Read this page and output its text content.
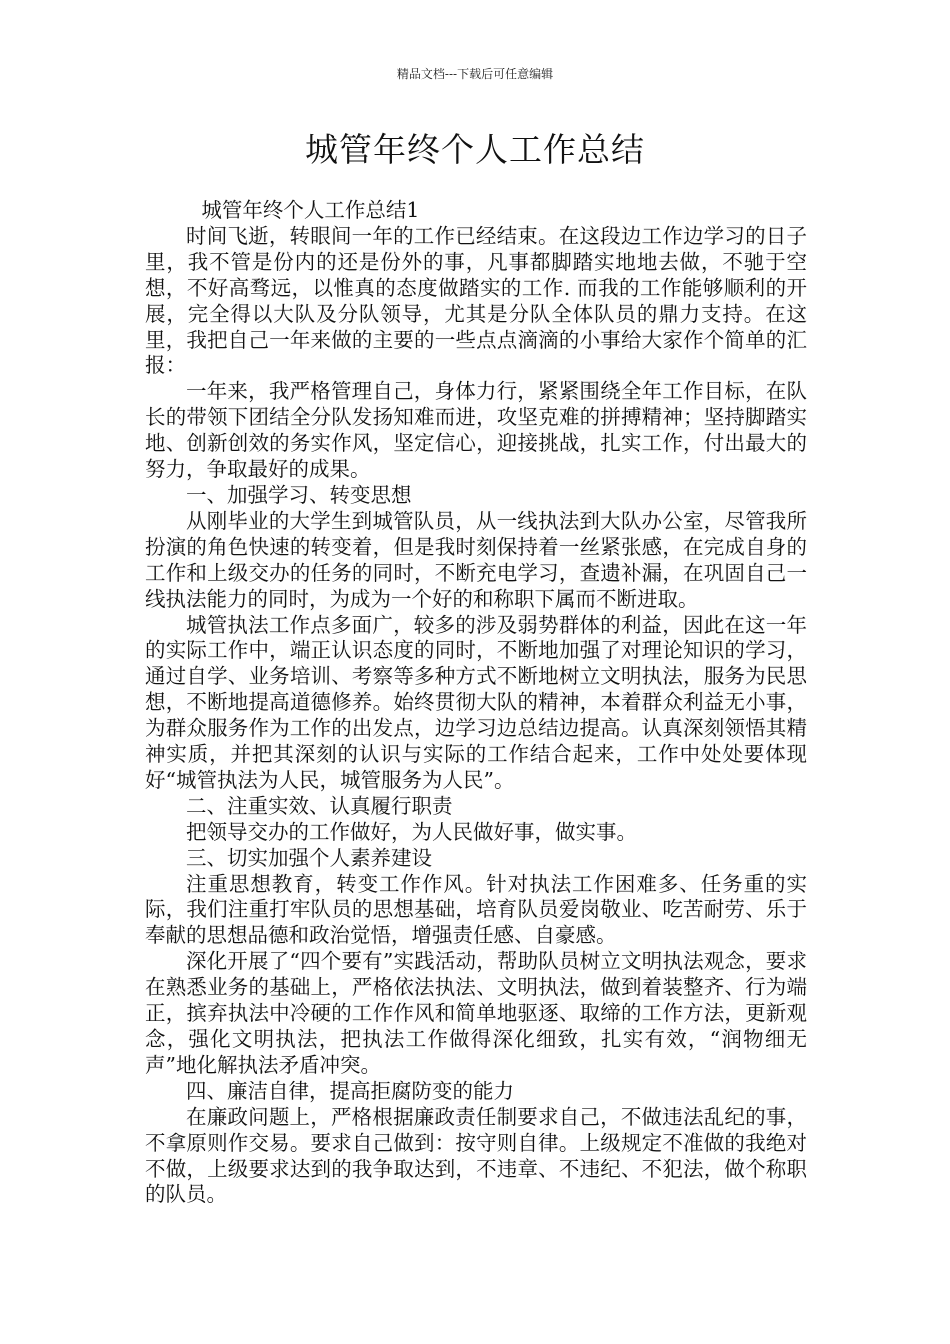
精品文档---下载后可任意编辑
城管年终个人工作总结

城管年终个人工作总结1

时间飞逝，转眼间一年的工作已经结束。在这段边工作边学习的日子里，我不管是份内的还是份外的事，凡事都脚踏实地地去做，不驰于空想，不好高骛远，以惟真的态度做踏实的工作. 而我的工作能够顺利的开展，完全得以大队及分队领导，尤其是分队全体队员的鼎力支持。在这里，我把自己一年来做的主要的一些点点滴滴的小事给大家作个简单的汇报：

一年来，我严格管理自己，身体力行，紧紧围绕全年工作目标，在队长的带领下团结全分队发扬知难而进，攻坚克难的拼搏精神；坚持脚踏实地、创新创效的务实作风，坚定信心，迎接挑战，扎实工作，付出最大的努力，争取最好的成果。

一、加强学习、转变思想

从刚毕业的大学生到城管队员，从一线执法到大队办公室，尽管我所扮演的角色快速的转变着，但是我时刻保持着一丝紧张感，在完成自身的工作和上级交办的任务的同时，不断充电学习，查遗补漏，在巩固自己一线执法能力的同时，为成为一个好的和称职下属而不断进取。

城管执法工作点多面广，较多的涉及弱势群体的利益，因此在这一年的实际工作中，端正认识态度的同时，不断地加强了对理论知识的学习，通过自学、业务培训、考察等多种方式不断地树立文明执法，服务为民思想，不断地提高道德修养。始终贯彻大队的精神，本着群众利益无小事，为群众服务作为工作的出发点，边学习边总结边提高。认真深刻领悟其精神实质，并把其深刻的认识与实际的工作结合起来，工作中处处要体现好“城管执法为人民，城管服务为人民”。

二、注重实效、认真履行职责

把领导交办的工作做好，为人民做好事，做实事。

三、切实加强个人素养建设

注重思想教育，转变工作作风。针对执法工作困难多、任务重的实际，我们注重打牢队员的思想基础，培育队员爱岗敬业、吃苦耐劳、乐于奉献的思想品德和政治觉悟，增强责任感、自豪感。

深化开展了“四个要有”实践活动，帮助队员树立文明执法观念，要求在熟悉业务的基础上，严格依法执法、文明执法，做到着装整齐、行为端正，摈弃执法中冷硬的工作作风和简单地驱逐、取缔的工作方法，更新观念，强化文明执法，把执法工作做得深化细致，扎实有效，“润物细无声”地化解执法矛盾冲突。

四、廉洁自律，提高拒腐防变的能力

在廉政问题上，严格根据廉政责任制要求自己，不做违法乱纪的事，不拿原则作交易。要求自己做到：按守则自律。上级规定不准做的我绝对不做，上级要求达到的我争取达到，不违章、不违纪、不犯法，做个称职的队员。
